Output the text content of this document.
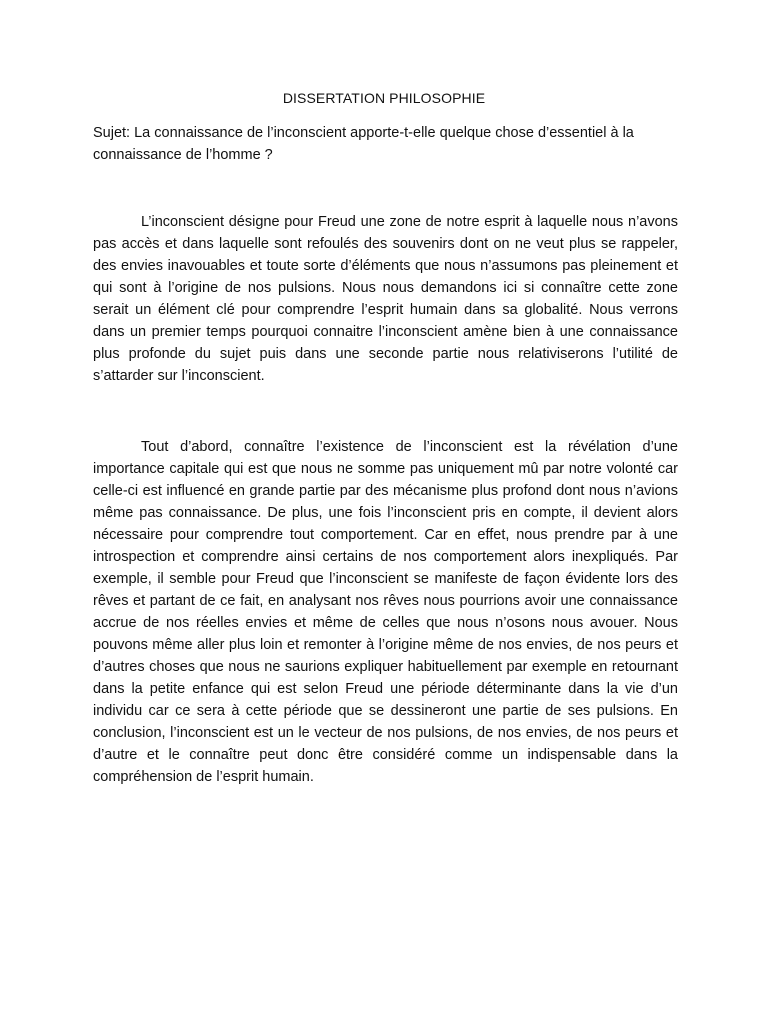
DISSERTATION PHILOSOPHIE
Sujet: La connaissance de l’inconscient apporte-t-elle quelque chose d’essentiel à la connaissance de l’homme ?

L’inconscient désigne pour Freud une zone de notre esprit à laquelle nous n’avons pas accès et dans laquelle sont refoulés des souvenirs dont on ne veut plus se rappeler, des envies inavouables et toute sorte d’éléments que nous n’assumons pas pleinement et qui sont à l’origine de nos pulsions. Nous nous demandons ici si connaître cette zone serait un élément clé pour comprendre l’esprit humain dans sa globalité. Nous verrons dans un premier temps pourquoi connaitre l’inconscient amène bien à une connaissance plus profonde du sujet puis dans une seconde partie nous relativiserons l’utilité de s’attarder sur l’inconscient.

Tout d’abord, connaître l’existence de l’inconscient est la révélation d’une importance capitale qui est que nous ne somme pas uniquement mû par notre volonté car celle-ci est influencé en grande partie par des mécanisme plus profond dont nous n’avions même pas connaissance. De plus, une fois l’inconscient pris en compte, il devient alors nécessaire pour comprendre tout comportement. Car en effet, nous prendre par à une introspection et comprendre ainsi certains de nos comportement alors inexpliqués. Par exemple, il semble pour Freud que l’inconscient se manifeste de façon évidente lors des rêves et partant de ce fait, en analysant nos rêves nous pourrions avoir une connaissance accrue de nos réelles envies et même de celles que nous n’osons nous avouer. Nous pouvons même aller plus loin et remonter à l’origine même de nos envies, de nos peurs et d’autres choses que nous ne saurions expliquer habituellement par exemple en retournant dans la petite enfance qui est selon Freud une période déterminante dans la vie d’un individu car ce sera à cette période que se dessineront une partie de ses pulsions. En conclusion, l’inconscient est un le vecteur de nos pulsions, de nos envies, de nos peurs et d’autre et le connaître peut donc être considéré comme un indispensable dans la compréhension de l’esprit humain.
